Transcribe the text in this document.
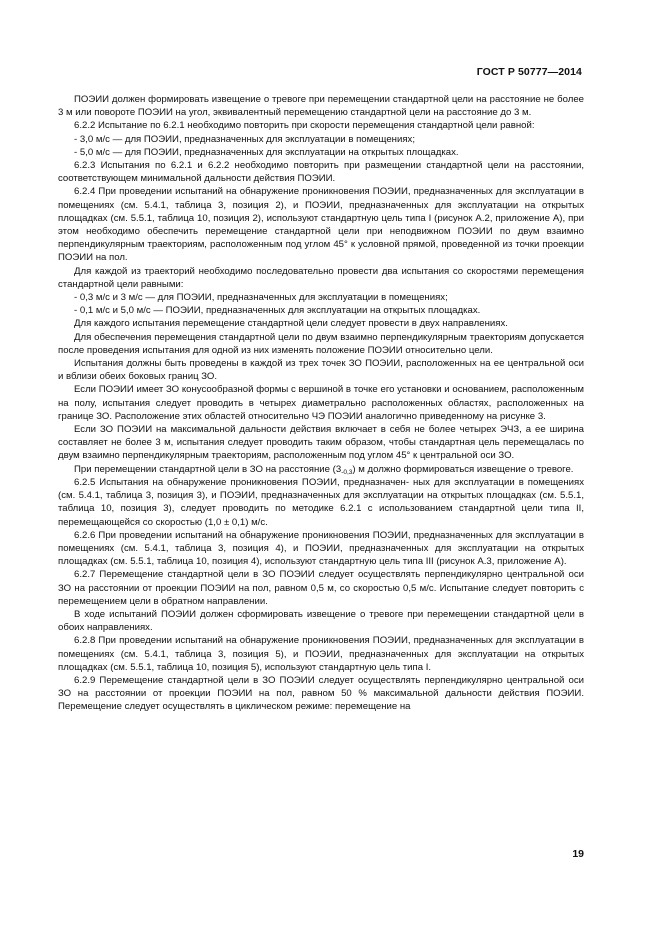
ГОСТ Р 50777—2014

ПОЭИИ должен формировать извещение о тревоге при перемещении стандартной цели на расстояние не более 3 м или повороте ПОЭИИ на угол, эквивалентный перемещению стандартной цели на расстояние до 3 м.

6.2.2 Испытание по 6.2.1 необходимо повторить при скорости перемещения стандартной цели равной:

- 3,0 м/с — для ПОЭИИ, предназначенных для эксплуатации в помещениях;

- 5,0 м/с — для ПОЭИИ, предназначенных для эксплуатации на открытых площадках.

6.2.3 Испытания по 6.2.1 и 6.2.2 необходимо повторить при размещении стандартной цели на расстоянии, соответствующем минимальной дальности действия ПОЭИИ.

6.2.4 При проведении испытаний на обнаружение проникновения ПОЭИИ, предназначенных для эксплуатации в помещениях (см. 5.4.1, таблица 3, позиция 2), и ПОЭИИ, предназначенных для эксплуатации на открытых площадках (см. 5.5.1, таблица 10, позиция 2), используют стандартную цель типа I (рисунок А.2, приложение А), при этом необходимо обеспечить перемещение стандартной цели при неподвижном ПОЭИИ по двум взаимно перпендикулярным траекториям, расположенным под углом 45° к условной прямой, проведенной из точки проекции ПОЭИИ на пол.

Для каждой из траекторий необходимо последовательно провести два испытания со скоростями перемещения стандартной цели равными:

- 0,3 м/с и 3 м/с — для ПОЭИИ, предназначенных для эксплуатации в помещениях;

- 0,1 м/с и 5,0 м/с — ПОЭИИ, предназначенных для эксплуатации на открытых площадках.

Для каждого испытания перемещение стандартной цели следует провести в двух направлениях.

Для обеспечения перемещения стандартной цели по двум взаимно перпендикулярным траекториям допускается после проведения испытания для одной из них изменять положение ПОЭИИ относительно цели.

Испытания должны быть проведены в каждой из трех точек ЗО ПОЭИИ, расположенных на ее центральной оси и вблизи обеих боковых границ ЗО.

Если ПОЭИИ имеет ЗО конусообразной формы с вершиной в точке его установки и основанием, расположенным на полу, испытания следует проводить в четырех диаметрально расположенных областях, расположенных на границе ЗО. Расположение этих областей относительно ЧЭ ПОЭИИ аналогично приведенному на рисунке 3.

Если ЗО ПОЭИИ на максимальной дальности действия включает в себя не более четырех ЭЧЗ, а ее ширина составляет не более 3 м, испытания следует проводить таким образом, чтобы стандартная цель перемещалась по двум взаимно перпендикулярным траекториям, расположенным под углом 45° к центральной оси ЗО.

При перемещении стандартной цели в ЗО на расстояние $(3_{-0,3})$ м должно формироваться извещение о тревоге.

6.2.5 Испытания на обнаружение проникновения ПОЭИИ, предназначен- ных для эксплуатации в помещениях (см. 5.4.1, таблица 3, позиция 3), и ПОЭИИ, предназначенных для эксплуатации на открытых площадках (см. 5.5.1, таблица 10, позиция 3), следует проводить по методике 6.2.1 с использованием стандартной цели типа II, перемещающейся со скоростью (1,0 ± 0,1) м/с.

6.2.6 При проведении испытаний на обнаружение проникновения ПОЭИИ, предназначенных для эксплуатации в помещениях (см. 5.4.1, таблица 3, позиция 4), и ПОЭИИ, предназначенных для эксплуатации на открытых площадках (см. 5.5.1, таблица 10, позиция 4), используют стандартную цель типа III (рисунок А.3, приложение А).

6.2.7 Перемещение стандартной цели в ЗО ПОЭИИ следует осуществлять перпендикулярно центральной оси ЗО на расстоянии от проекции ПОЭИИ на пол, равном 0,5 м, со скоростью 0,5 м/с. Испытание следует повторить с перемещением цели в обратном направлении.

В ходе испытаний ПОЭИИ должен сформировать извещение о тревоге при перемещении стандартной цели в обоих направлениях.

6.2.8 При проведении испытаний на обнаружение проникновения ПОЭИИ, предназначенных для эксплуатации в помещениях (см. 5.4.1, таблица 3, позиция 5), и ПОЭИИ, предназначенных для эксплуатации на открытых площадках (см. 5.5.1, таблица 10, позиция 5), используют стандартную цель типа I.

6.2.9 Перемещение стандартной цели в ЗО ПОЭИИ следует осуществлять перпендикулярно центральной оси ЗО на расстоянии от проекции ПОЭИИ на пол, равном 50 % максимальной дальности действия ПОЭИИ. Перемещение следует осуществлять в циклическом режиме: перемещение на

19
